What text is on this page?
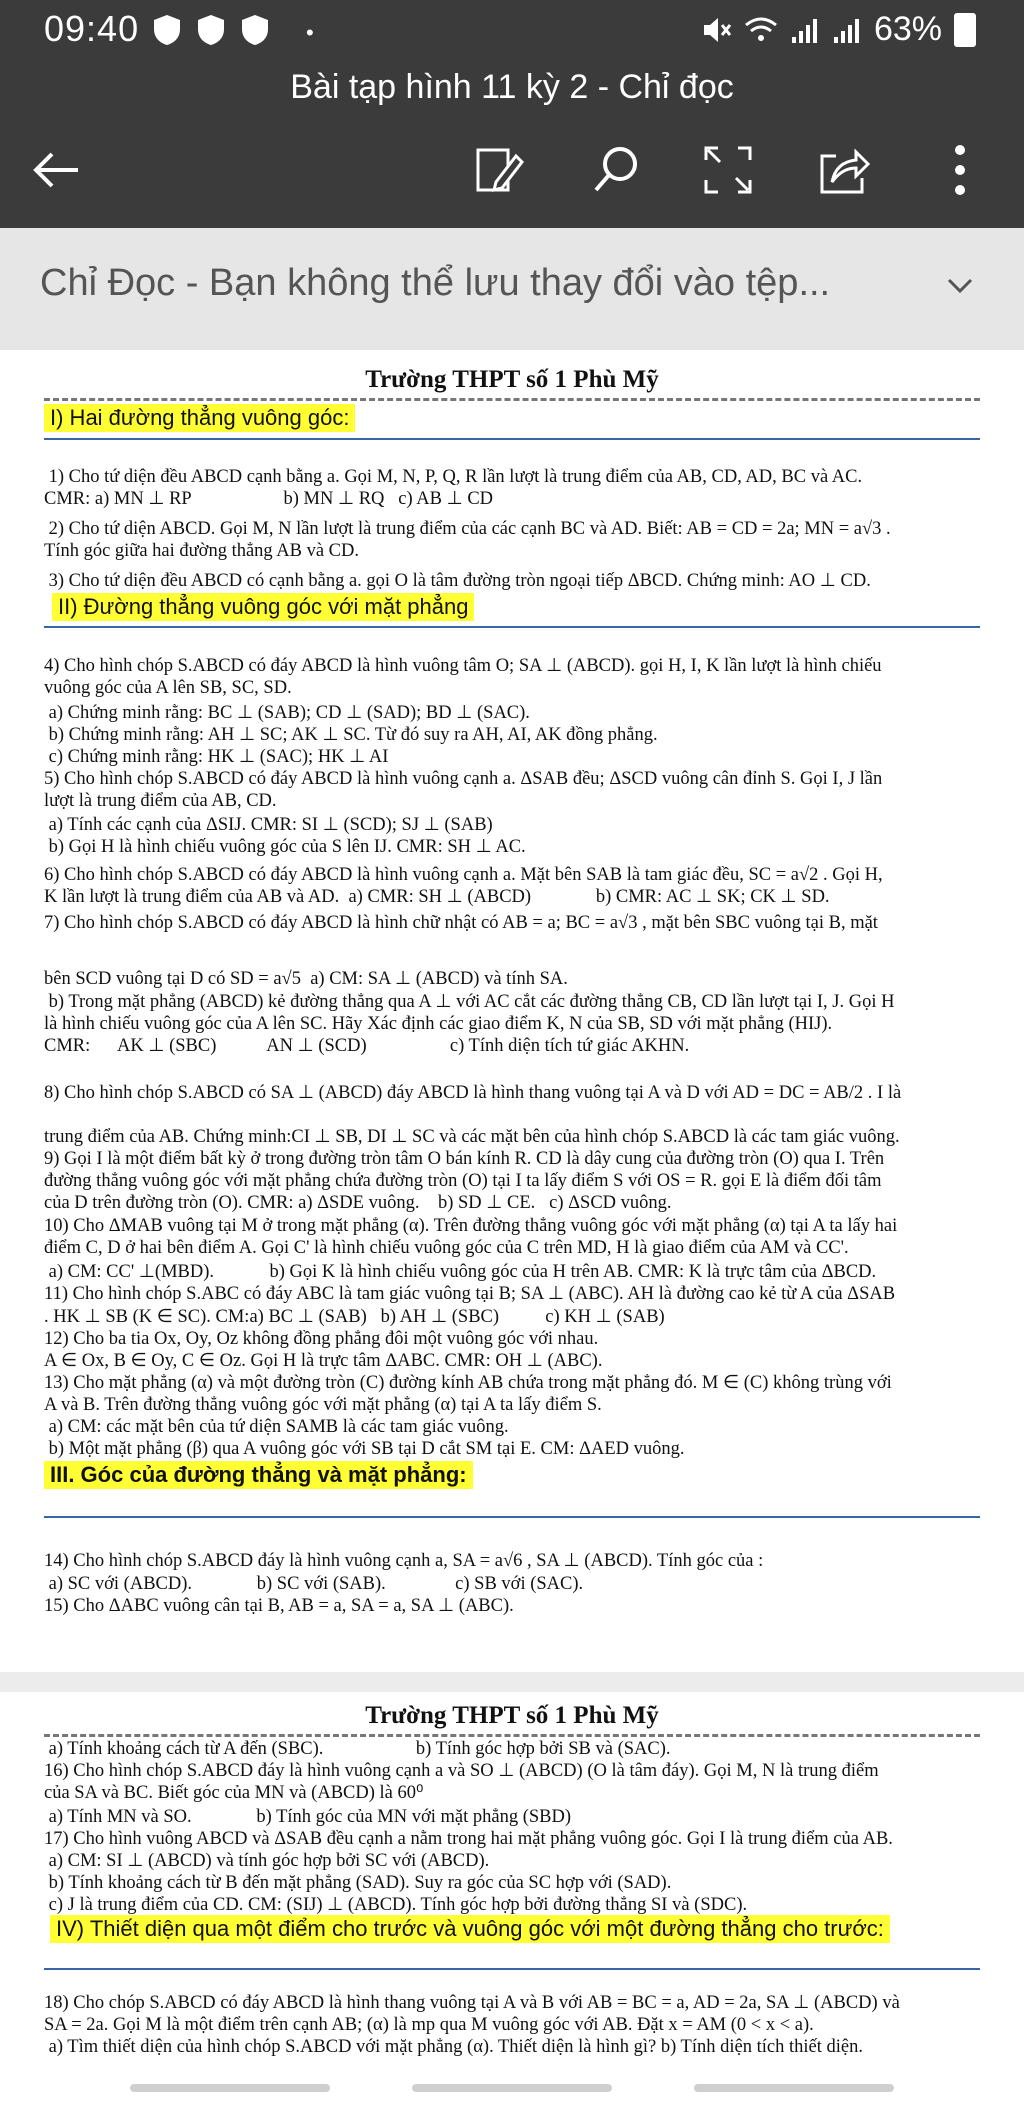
09:40	•	63%
Bài tạp hình 11 kỳ 2 - Chỉ đọc
Chỉ Đọc - Bạn không thể lưu thay đổi vào tệp...
Trường THPT số 1 Phù Mỹ
I) Hai đường thẳng vuông góc:
1) Cho tứ diện đều ABCD cạnh bằng a. Gọi M, N, P, Q, R lần lượt là trung điểm của AB, CD, AD, BC và AC.
CMR: a) MN ⊥ RP                    b) MN ⊥ RQ   c) AB ⊥ CD
2) Cho tứ diện ABCD. Gọi M, N lần lượt là trung điểm của các cạnh BC và AD. Biết: AB = CD = 2a; MN = a√3 .
Tính góc giữa hai đường thẳng AB và CD.
3) Cho tứ diện đều ABCD có cạnh bằng a. gọi O là tâm đường tròn ngoại tiếp ΔBCD. Chứng minh: AO ⊥ CD.
II) Đường thẳng vuông góc với mặt phẳng
4) Cho hình chóp S.ABCD có đáy ABCD là hình vuông tâm O; SA ⊥ (ABCD). gọi H, I, K lần lượt là hình chiếu
vuông góc của A lên SB, SC, SD.
a) Chứng minh rằng: BC ⊥ (SAB); CD ⊥ (SAD); BD ⊥ (SAC).
b) Chứng minh rằng: AH ⊥ SC; AK ⊥ SC. Từ đó suy ra AH, AI, AK đồng phẳng.
c) Chứng minh rằng: HK ⊥ (SAC); HK ⊥ AI
5) Cho hình chóp S.ABCD có đáy ABCD là hình vuông cạnh a. ΔSAB đều; ΔSCD vuông cân đỉnh S. Gọi I, J lần
lượt là trung điểm của AB, CD.
a) Tính các cạnh của ΔSIJ. CMR: SI ⊥ (SCD); SJ ⊥ (SAB)
b) Gọi H là hình chiếu vuông góc của S lên IJ. CMR: SH ⊥ AC.
6) Cho hình chóp S.ABCD có đáy ABCD là hình vuông cạnh a. Mặt bên SAB là tam giác đều, SC = a√2 . Gọi H,
K lần lượt là trung điểm của AB và AD.  a) CMR: SH ⊥ (ABCD)              b) CMR: AC ⊥ SK; CK ⊥ SD.
7) Cho hình chóp S.ABCD có đáy ABCD là hình chữ nhật có AB = a; BC = a√3 , mặt bên SBC vuông tại B, mặt
bên SCD vuông tại D có SD = a√5  a) CM: SA ⊥ (ABCD) và tính SA.
b) Trong mặt phẳng (ABCD) kẻ đường thẳng qua A ⊥ với AC cắt các đường thẳng CB, CD lần lượt tại I, J. Gọi H
là hình chiếu vuông góc của A lên SC. Hãy Xác định các giao điểm K, N của SB, SD với mặt phẳng (HIJ).
CMR:      AK ⊥ (SBC)           AN ⊥ (SCD)                  c) Tính diện tích tứ giác AKHN.
8) Cho hình chóp S.ABCD có SA ⊥ (ABCD) đáy ABCD là hình thang vuông tại A và D với AD = DC = AB/2 . I là
trung điểm của AB. Chứng minh:CI ⊥ SB, DI ⊥ SC và các mặt bên của hình chóp S.ABCD là các tam giác vuông.
9) Gọi I là một điểm bất kỳ ở trong đường tròn tâm O bán kính R. CD là dây cung của đường tròn (O) qua I. Trên
đường thẳng vuông góc với mặt phẳng chứa đường tròn (O) tại I ta lấy điểm S với OS = R. gọi E là điểm đối tâm
của D trên đường tròn (O). CMR: a) ΔSDE vuông.    b) SD ⊥ CE.   c) ΔSCD vuông.
10) Cho ΔMAB vuông tại M ở trong mặt phẳng (α). Trên đường thẳng vuông góc với mặt phẳng (α) tại A ta lấy hai
điểm C, D ở hai bên điểm A. Gọi C' là hình chiếu vuông góc của C trên MD, H là giao điểm của AM và CC'.
a) CM: CC' ⊥(MBD).            b) Gọi K là hình chiếu vuông góc của H trên AB. CMR: K là trực tâm của ΔBCD.
11) Cho hình chóp S.ABC có đáy ABC là tam giác vuông tại B; SA ⊥ (ABC). AH là đường cao kẻ từ A của ΔSAB
. HK ⊥ SB (K ∈ SC). CM:a) BC ⊥ (SAB)   b) AH ⊥ (SBC)          c) KH ⊥ (SAB)
12) Cho ba tia Ox, Oy, Oz không đồng phẳng đôi một vuông góc với nhau.
A ∈ Ox, B ∈ Oy, C ∈ Oz. Gọi H là trực tâm ΔABC. CMR: OH ⊥ (ABC).
13) Cho mặt phẳng (α) và một đường tròn (C) đường kính AB chứa trong mặt phẳng đó. M ∈ (C) không trùng với
A và B. Trên đường thẳng vuông góc với mặt phẳng (α) tại A ta lấy điểm S.
a) CM: các mặt bên của tứ diện SAMB là các tam giác vuông.
b) Một mặt phẳng (β) qua A vuông góc với SB tại D cắt SM tại E. CM: ΔAED vuông.
III. Góc của đường thẳng và mặt phẳng:
14) Cho hình chóp S.ABCD đáy là hình vuông cạnh a, SA = a√6 , SA ⊥ (ABCD). Tính góc của :
a) SC với (ABCD).              b) SC với (SAB).               c) SB với (SAC).
15) Cho ΔABC vuông cân tại B, AB = a, SA = a, SA ⊥ (ABC).
Trường THPT số 1 Phù Mỹ
a) Tính khoảng cách từ A đến (SBC).                    b) Tính góc hợp bởi SB và (SAC).
16) Cho hình chóp S.ABCD đáy là hình vuông cạnh a và SO ⊥ (ABCD) (O là tâm đáy). Gọi M, N là trung điểm
của SA và BC. Biết góc của MN và (ABCD) là 60⁰
a) Tính MN và SO.              b) Tính góc của MN với mặt phẳng (SBD)
17) Cho hình vuông ABCD và ΔSAB đều cạnh a nằm trong hai mặt phẳng vuông góc. Gọi I là trung điểm của AB.
a) CM: SI ⊥ (ABCD) và tính góc hợp bởi SC với (ABCD).
b) Tính khoảng cách từ B đến mặt phẳng (SAD). Suy ra góc của SC hợp với (SAD).
c) J là trung điểm của CD. CM: (SIJ) ⊥ (ABCD). Tính góc hợp bởi đường thẳng SI và (SDC).
IV) Thiết diện qua một điểm cho trước và vuông góc với một đường thẳng cho trước:
18) Cho chóp S.ABCD có đáy ABCD là hình thang vuông tại A và B với AB = BC = a, AD = 2a, SA ⊥ (ABCD) và
SA = 2a. Gọi M là một điểm trên cạnh AB; (α) là mp qua M vuông góc với AB. Đặt x = AM (0 < x < a).
a) Tìm thiết diện của hình chóp S.ABCD với mặt phẳng (α). Thiết diện là hình gì? b) Tính diện tích thiết diện.
